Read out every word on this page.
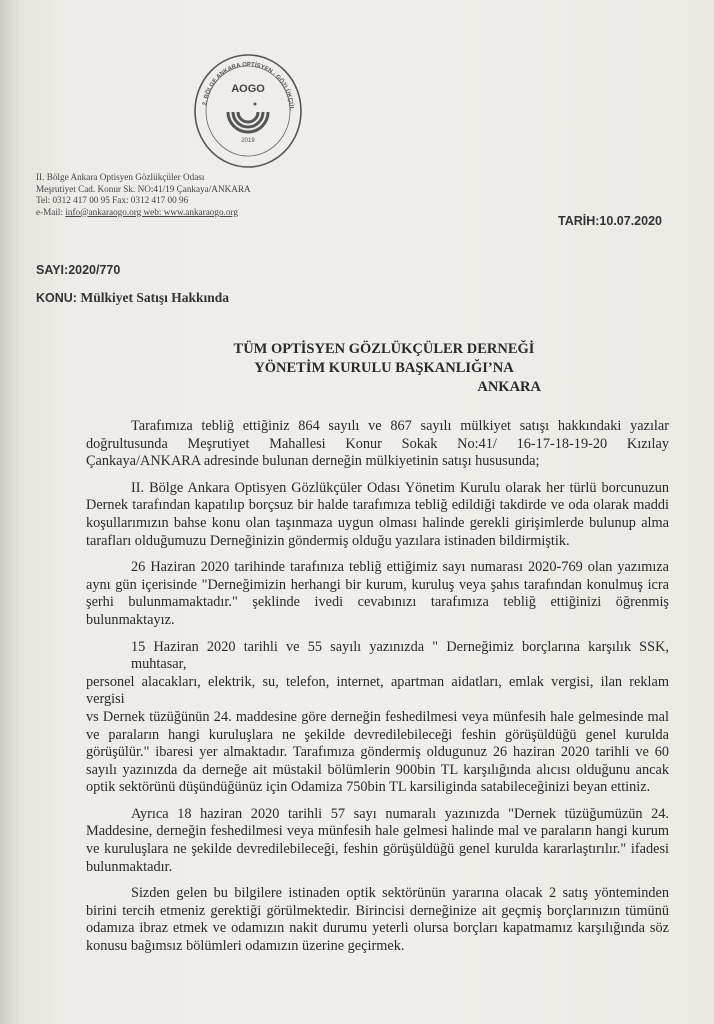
2. BÖLGE ANKARA OPTİSYEN - GÖZLÜKÇÜL
AOGO
2019
II. Bölge Ankara Optisyen Gözlükçüler Odası
Meşrutiyet Cad. Konur Sk. NO:41/19 Çankaya/ANKARA
Tel: 0312 417 00 95 Fax: 0312 417 00 96
e-Mail: info@ankaraogo.org web: www.ankaraogo.org
TARİH:10.07.2020
SAYI:2020/770
KONU: Mülkiyet Satışı Hakkında
TÜM OPTİSYEN GÖZLÜKÇÜLER DERNEĞİ
YÖNETİM KURULU BAŞKANLIĞI’NA
ANKARA
Tarafımıza tebliğ ettiğiniz 864 sayılı ve 867 sayılı mülkiyet satışı hakkındaki yazılar
doğrultusunda Meşrutiyet Mahallesi Konur Sokak No:41/ 16-17-18-19-20 Kızılay
Çankaya/ANKARA adresinde bulunan derneğin mülkiyetinin satışı hususunda;
II. Bölge Ankara Optisyen Gözlükçüler Odası Yönetim Kurulu olarak her türlü borcunuzun
Dernek tarafından kapatılıp borçsuz bir halde tarafımıza tebliğ edildiği takdirde ve oda olarak maddi
koşullarımızın bahse konu olan taşınmaza uygun olması halinde gerekli girişimlerde bulunup alma
tarafları olduğumuzu Derneğinizin göndermiş olduğu yazılara istinaden bildirmiştik.
26 Haziran 2020 tarihinde tarafınıza tebliğ ettiğimiz sayı numarası 2020-769 olan yazımıza
aynı gün içerisinde "Derneğimizin herhangi bir kurum, kuruluş veya şahıs tarafından konulmuş icra
şerhi bulunmamaktadır." şeklinde ivedi cevabınızı tarafımıza tebliğ ettiğinizi öğrenmiş
bulunmaktayız.
15 Haziran 2020 tarihli ve 55 sayılı yazınızda " Derneğimiz borçlarına karşılık SSK, muhtasar,
personel alacakları, elektrik, su, telefon, internet, apartman aidatları, emlak vergisi, ilan reklam vergisi
vs Dernek tüzüğünün 24. maddesine göre derneğin feshedilmesi veya münfesih hale gelmesinde mal
ve paraların hangi kuruluşlara ne şekilde devredilebileceği feshin görüşüldüğü genel kurulda
görüşülür." ibaresi yer almaktadır. Tarafımıza göndermiş oldugunuz 26 haziran 2020 tarihli ve 60
sayılı yazınızda da derneğe ait müstakil bölümlerin 900bin TL karşılığında alıcısı olduğunu ancak
optik sektörünü düşündüğünüz için Odamiza 750bin TL karsiliginda satabileceğinizi beyan ettiniz.
Ayrıca 18 haziran 2020 tarihli 57 sayı numaralı yazınızda "Dernek tüzüğumüzün 24.
Maddesine, derneğin feshedilmesi veya münfesih hale gelmesi halinde mal ve paraların hangi kurum
ve kuruluşlara ne şekilde devredilebileceği, feshin görüşüldüğü genel kurulda kararlaştırılır." ifadesi
bulunmaktadır.
Sizden gelen bu bilgilere istinaden optik sektörünün yararına olacak 2 satış yönteminden
birini tercih etmeniz gerektiği görülmektedir. Birincisi derneğinize ait geçmiş borçlarınızın tümünü
odamıza ibraz etmek ve odamızın nakit durumu yeterli olursa borçları kapatmamız karşılığında söz
konusu bağımsız bölümleri odamızın üzerine geçirmek.
